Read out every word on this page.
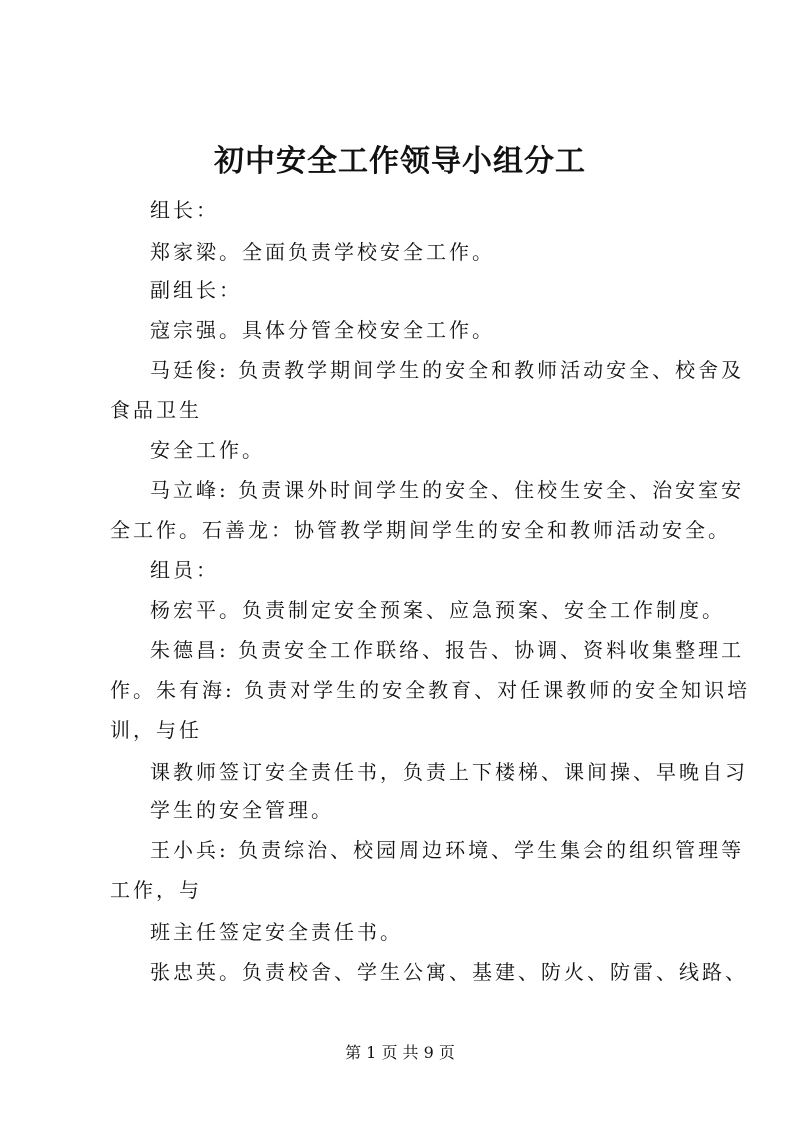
初中安全工作领导小组分工
组长：
郑家梁。全面负责学校安全工作。
副组长：
寇宗强。具体分管全校安全工作。
马廷俊: 负责教学期间学生的安全和教师活动安全、校舍及
食品卫生
安全工作。
马立峰: 负责课外时间学生的安全、住校生安全、治安室安
全工作。石善龙：协管教学期间学生的安全和教师活动安全。
组员：
杨宏平。负责制定安全预案、应急预案、安全工作制度。
朱德昌: 负责安全工作联络、报告、协调、资料收集整理工
作。朱有海: 负责对学生的安全教育、对任课教师的安全知识培
训，与任
课教师签订安全责任书，负责上下楼梯、课间操、早晚自习
学生的安全管理。
王小兵: 负责综治、校园周边环境、学生集会的组织管理等
工作，与
班主任签定安全责任书。
张忠英。负责校舍、学生公寓、基建、防火、防雷、线路、
第 1 页 共 9 页
